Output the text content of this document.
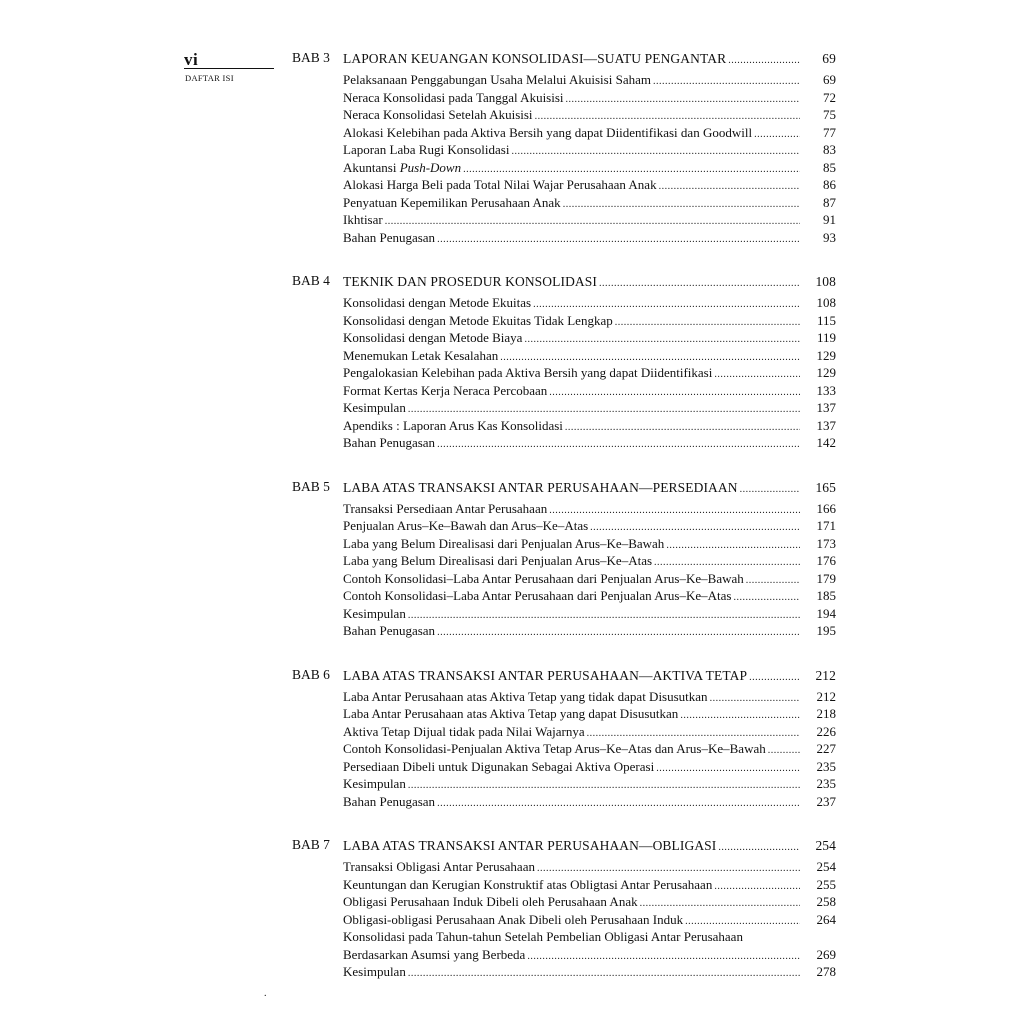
vi
DAFTAR ISI
BAB 3 LAPORAN KEUANGAN KONSOLIDASI—SUATU PENGANTAR .....	69
Pelaksanaan Penggabungan Usaha Melalui Akuisisi Saham .....	69
Neraca Konsolidasi pada Tanggal Akuisisi .....	72
Neraca Konsolidasi Setelah Akuisisi .....	75
Alokasi Kelebihan pada Aktiva Bersih yang dapat Diidentifikasi dan Goodwill .....	77
Laporan Laba Rugi Konsolidasi .....	83
Akuntansi Push-Down .....	85
Alokasi Harga Beli pada Total Nilai Wajar Perusahaan Anak .....	86
Penyatuan Kepemilikan Perusahaan Anak .....	87
Ikhtisar .....	91
Bahan Penugasan .....	93
BAB 4 TEKNIK DAN PROSEDUR KONSOLIDASI .....	108
Konsolidasi dengan Metode Ekuitas .....	108
Konsolidasi dengan Metode Ekuitas Tidak Lengkap .....	115
Konsolidasi dengan Metode Biaya .....	119
Menemukan Letak Kesalahan .....	129
Pengalokasian Kelebihan pada Aktiva Bersih yang dapat Diidentifikasi .....	129
Format Kertas Kerja Neraca Percobaan .....	133
Kesimpulan .....	137
Apendiks : Laporan Arus Kas Konsolidasi .....	137
Bahan Penugasan .....	142
BAB 5 LABA ATAS TRANSAKSI ANTAR PERUSAHAAN—PERSEDIAAN .....	165
Transaksi Persediaan Antar Perusahaan .....	166
Penjualan Arus–Ke–Bawah dan Arus–Ke–Atas .....	171
Laba yang Belum Direalisasi dari Penjualan Arus–Ke–Bawah .....	173
Laba yang Belum Direalisasi dari Penjualan Arus–Ke–Atas .....	176
Contoh Konsolidasi–Laba Antar Perusahaan dari Penjualan Arus–Ke–Bawah .....	179
Contoh Konsolidasi–Laba Antar Perusahaan dari Penjualan Arus–Ke–Atas .....	185
Kesimpulan .....	194
Bahan Penugasan .....	195
BAB 6 LABA ATAS TRANSAKSI ANTAR PERUSAHAAN—AKTIVA TETAP .....	212
Laba Antar Perusahaan atas Aktiva Tetap yang tidak dapat Disusutkan .....	212
Laba Antar Perusahaan atas Aktiva Tetap yang dapat Disusutkan .....	218
Aktiva Tetap Dijual tidak pada Nilai Wajarnya .....	226
Contoh Konsolidasi-Penjualan Aktiva Tetap Arus–Ke–Atas dan Arus–Ke–Bawah .....	227
Persediaan Dibeli untuk Digunakan Sebagai Aktiva Operasi .....	235
Kesimpulan .....	235
Bahan Penugasan .....	237
BAB 7 LABA ATAS TRANSAKSI ANTAR PERUSAHAAN—OBLIGASI .....	254
Transaksi Obligasi Antar Perusahaan .....	254
Keuntungan dan Kerugian Konstruktif atas Obligtasi Antar Perusahaan .....	255
Obligasi Perusahaan Induk Dibeli oleh Perusahaan Anak .....	258
Obligasi-obligasi Perusahaan Anak Dibeli oleh Perusahaan Induk .....	264
Konsolidasi pada Tahun-tahun Setelah Pembelian Obligasi Antar Perusahaan
Berdasarkan Asumsi yang Berbeda .....	269
Kesimpulan .....	278
.
